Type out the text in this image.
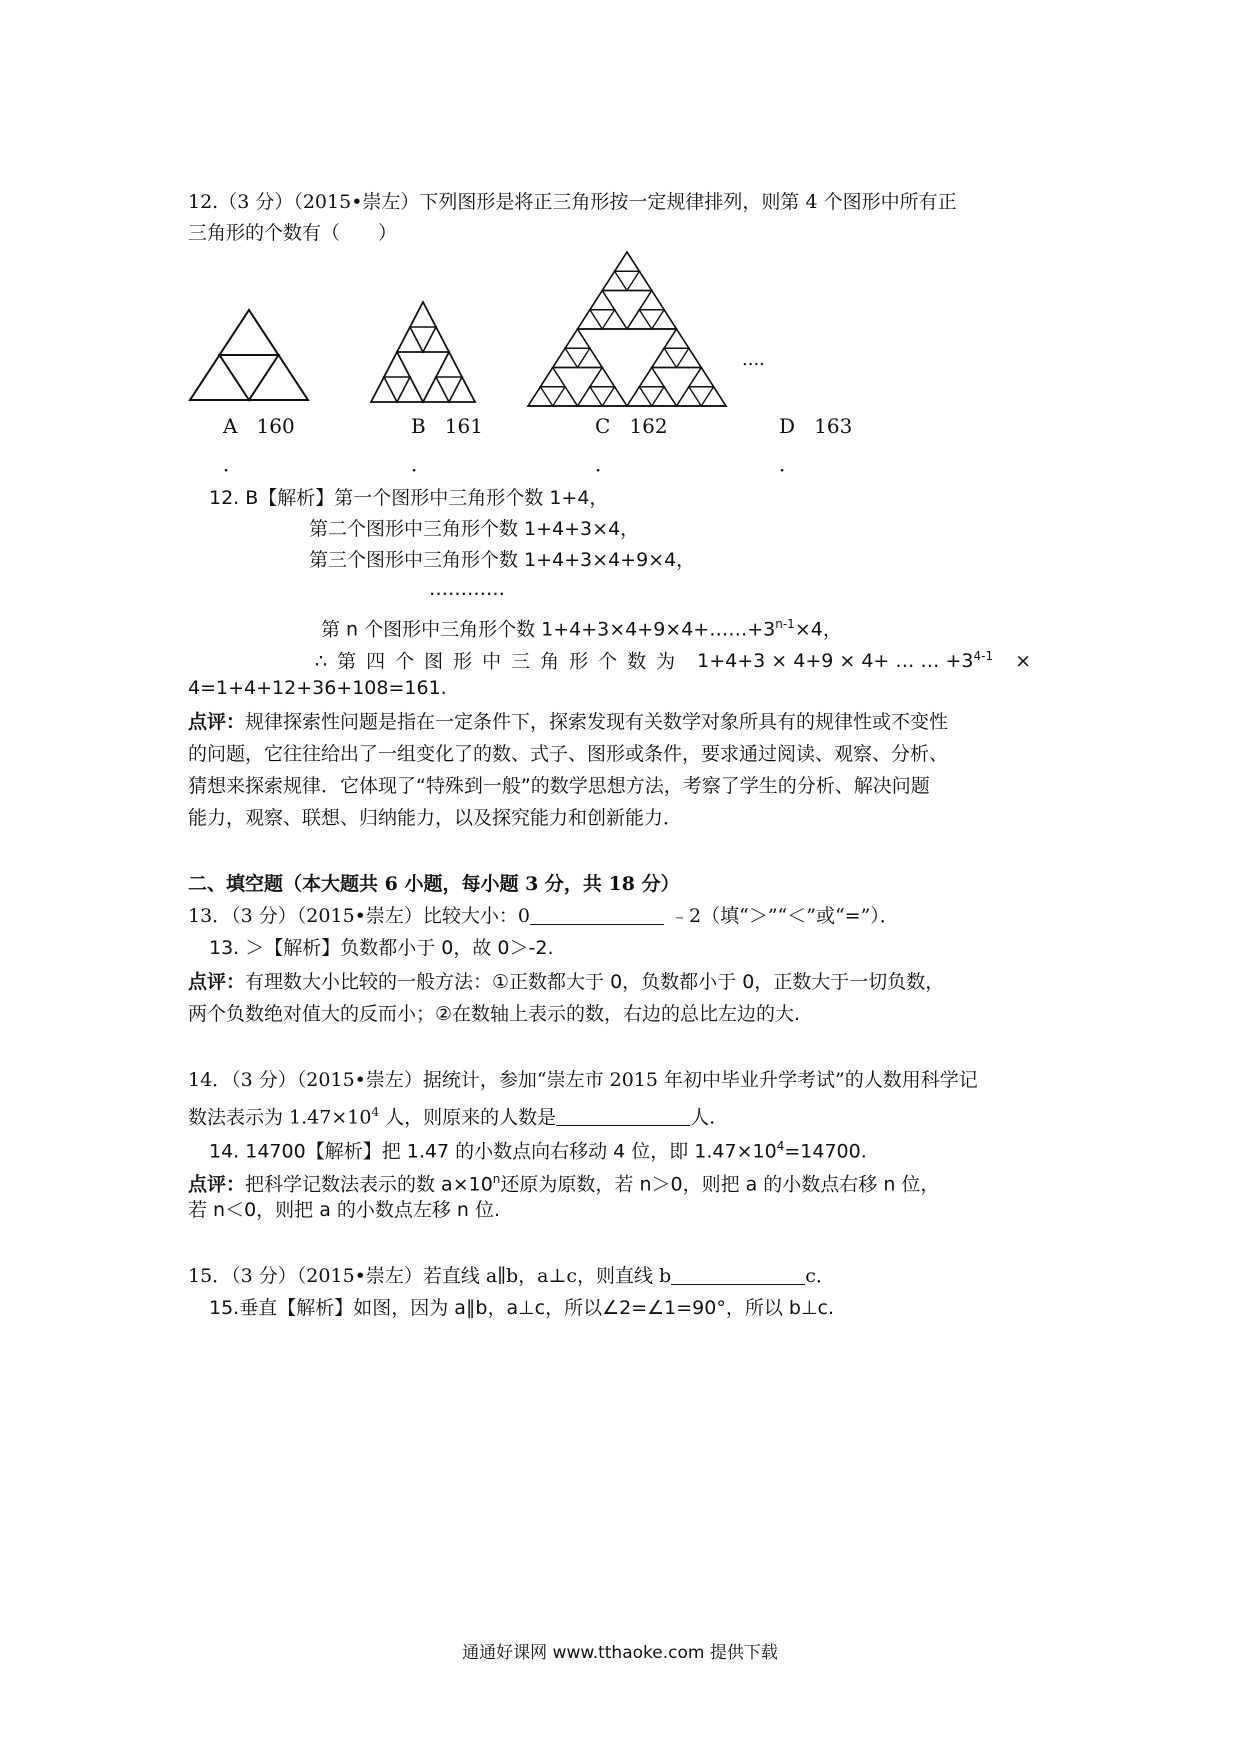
12.（3 分）（2015•崇左）下列图形是将正三角形按一定规律排列，则第 4 个图形中所有正
三角形的个数有（　　）
....
A 160	B 161	C 162	D 163
．	．	．	．
12. B【解析】第一个图形中三角形个数 1+4，
第二个图形中三角形个数 1+4+3×4，
第三个图形中三角形个数 1+4+3×4+9×4，
…………
第 n 个图形中三角形个数 $1+4+3\times 4+9\times 4+\dots\dots+3^{n-1}\times 4$，
∴第四个图形中三角形个数为 1+4+3 × 4+9 × 4+ … … $+3^{4-1}$ ×
4=1+4+12+36+108=161.
点评：规律探索性问题是指在一定条件下，探索发现有关数学对象所具有的规律性或不变性
的问题，它往往给出了一组变化了的数、式子、图形或条件，要求通过阅读、观察、分析、
猜想来探索规律．它体现了“特殊到一般”的数学思想方法，考察了学生的分析、解决问题
能力，观察、联想、归纳能力，以及探究能力和创新能力．
二、填空题（本大题共 6 小题，每小题 3 分，共 18 分）
13．（3 分）（2015•崇左）比较大小：0	﹣2（填“＞”“＜”或“=”）．
13. ＞【解析】负数都小于 0，故 0＞-2.
点评：有理数大小比较的一般方法：①正数都大于 0，负数都小于 0，正数大于一切负数，
两个负数绝对值大的反而小；②在数轴上表示的数，右边的总比左边的大.
14．（3 分）（2015•崇左）据统计，参加“崇左市 2015 年初中毕业升学考试”的人数用科学记
数法表示为 $1.47\times 10^4$ 人，则原来的人数是	人.
14. 14700【解析】把 1.47 的小数点向右移动 4 位，即 $1.47\times 10^4=14700$.
点评：把科学记数法表示的数 $a\times 10^n$还原为原数，若 n＞0，则把 a 的小数点右移 n 位，
若 n＜0，则把 a 的小数点左移 n 位.
15．（3 分）（2015•崇左）若直线 a∥b，a⊥c，则直线 b	c．
15.垂直【解析】如图，因为 a∥b，a⊥c，所以∠2=∠1=90°，所以 b⊥c.
通通好课网 www.tthaoke.com 提供下载
